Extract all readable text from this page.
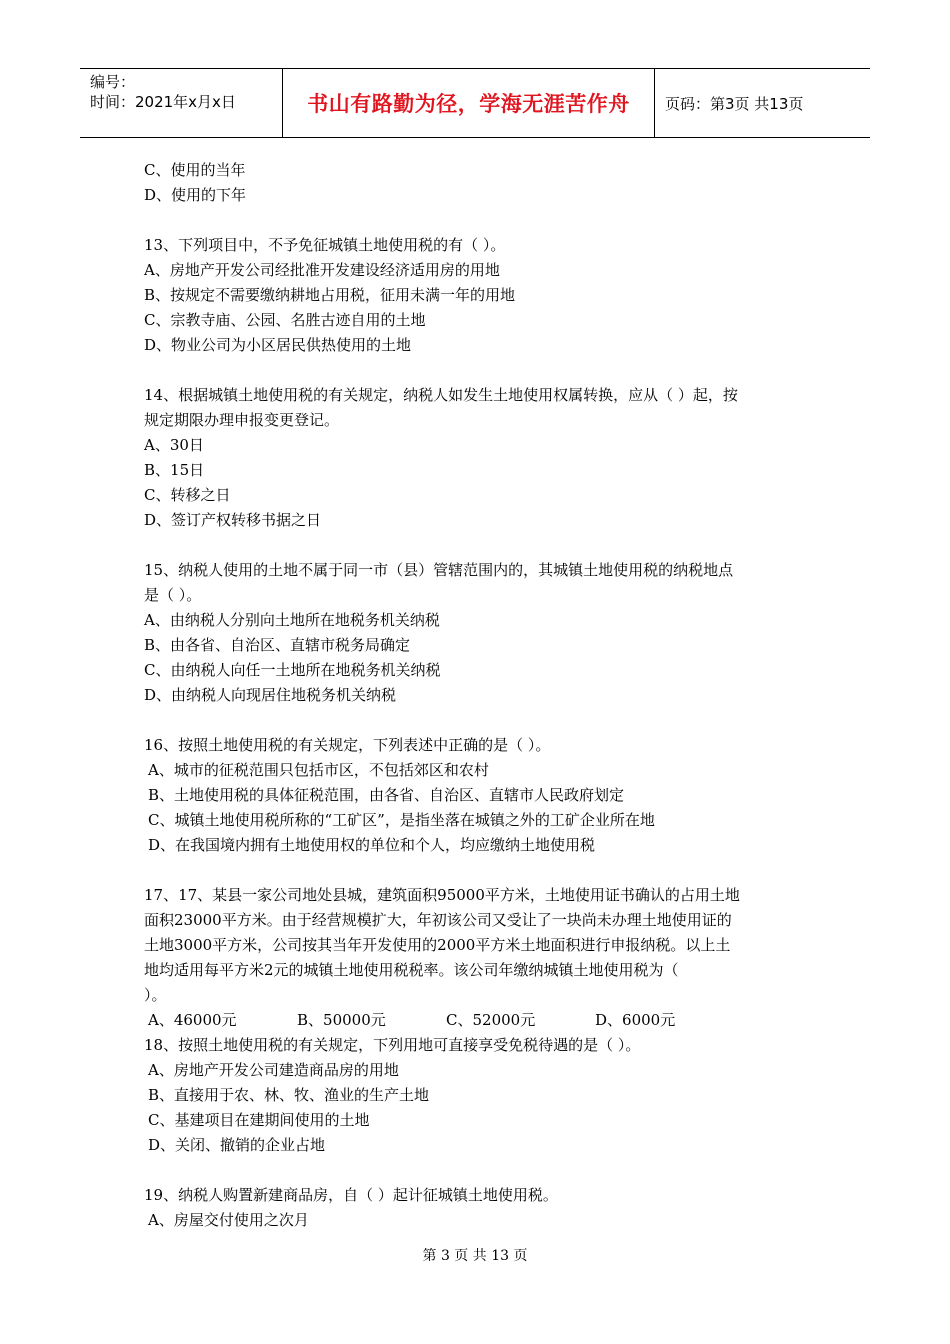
编号：
时间：2021年x月x日	书山有路勤为径，学海无涯苦作舟 页码：第3页 共13页
C、使用的当年
D、使用的下年
13、下列项目中，不予免征城镇土地使用税的有（ ）。
A、房地产开发公司经批准开发建设经济适用房的用地
B、按规定不需要缴纳耕地占用税，征用未满一年的用地
C、宗教寺庙、公园、名胜古迹自用的土地
D、物业公司为小区居民供热使用的土地
14、根据城镇土地使用税的有关规定，纳税人如发生土地使用权属转换，应从（ ）起，按
规定期限办理申报变更登记。
A、30日
B、15日
C、转移之日
D、签订产权转移书据之日
15、纳税人使用的土地不属于同一市（县）管辖范围内的，其城镇土地使用税的纳税地点
是（ ）。
A、由纳税人分别向土地所在地税务机关纳税
B、由各省、自治区、直辖市税务局确定
C、由纳税人向任一土地所在地税务机关纳税
D、由纳税人向现居住地税务机关纳税
16、按照土地使用税的有关规定，下列表述中正确的是（ ）。
A、城市的征税范围只包括市区，不包括郊区和农村
B、土地使用税的具体征税范围，由各省、自治区、直辖市人民政府划定
C、城镇土地使用税所称的“工矿区”，是指坐落在城镇之外的工矿企业所在地
D、在我国境内拥有土地使用权的单位和个人，均应缴纳土地使用税
17、17、某县一家公司地处县城，建筑面积95000平方米，土地使用证书确认的占用土地
面积23000平方米。由于经营规模扩大，年初该公司又受让了一块尚未办理土地使用证的
土地3000平方米，公司按其当年开发使用的2000平方米土地面积进行申报纳税。以上土
地均适用每平方米2元的城镇土地使用税税率。该公司年缴纳城镇土地使用税为（
）。
A、46000元	B、50000元	C、52000元	D、6000元
18、按照土地使用税的有关规定，下列用地可直接享受免税待遇的是（ ）。
A、房地产开发公司建造商品房的用地
B、直接用于农、林、牧、渔业的生产土地
C、基建项目在建期间使用的土地
D、关闭、撤销的企业占地
19、纳税人购置新建商品房，自（ ）起计征城镇土地使用税。
A、房屋交付使用之次月
第 3 页 共 13 页
